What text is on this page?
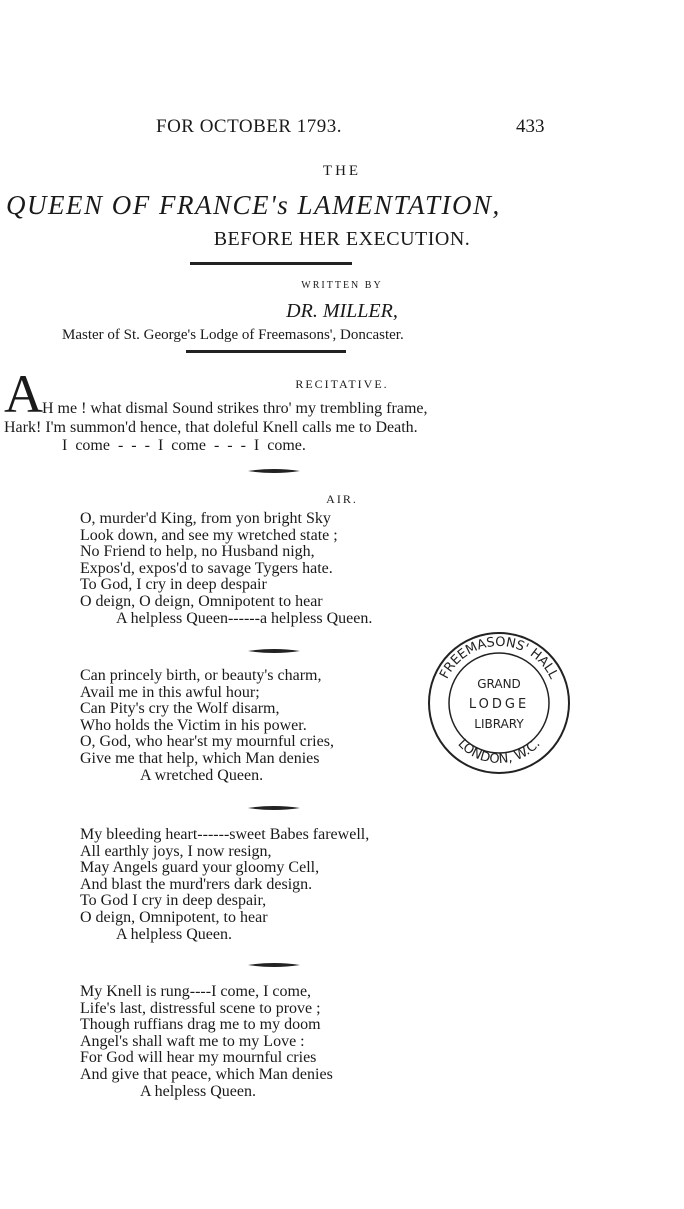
FOR OCTOBER 1793.	433
THE
QUEEN OF FRANCE's LAMENTATION,
BEFORE HER EXECUTION.
WRITTEN BY
DR. MILLER,
Master of St. George's Lodge of Freemasons', Doncaster.
RECITATIVE.
A H me ! what dismal Sound strikes thro' my trembling frame,
Hark! I'm summon'd hence, that doleful Knell calls me to Death.
I come - - - I come - - - I come.
AIR.
O, murder'd King, from yon bright Sky
Look down, and see my wretched state ;
No Friend to help, no Husband nigh,
Expos'd, expos'd to savage Tygers hate.
To God, I cry in deep despair
O deign, O deign, Omnipotent to hear
A helpless Queen------a helpless Queen.
Can princely birth, or beauty's charm,
Avail me in this awful hour;
Can Pity's cry the Wolf disarm,
Who holds the Victim in his power.
O, God, who hear'st my mournful cries,
Give me that help, which Man denies
A wretched Queen.
My bleeding heart------sweet Babes farewell,
All earthly joys, I now resign,
May Angels guard your gloomy Cell,
And blast the murd'rers dark design.
To God I cry in deep despair,
O deign, Omnipotent, to hear
A helpless Queen.
My Knell is rung----I come, I come,
Life's last, distressful scene to prove ;
Though ruffians drag me to my doom
Angel's shall waft me to my Love :
For God will hear my mournful cries
And give that peace, which Man denies
A helpless Queen.
FREEMASONS' HALL
LONDON, W.C.
GRAND
LODGE
LIBRARY
